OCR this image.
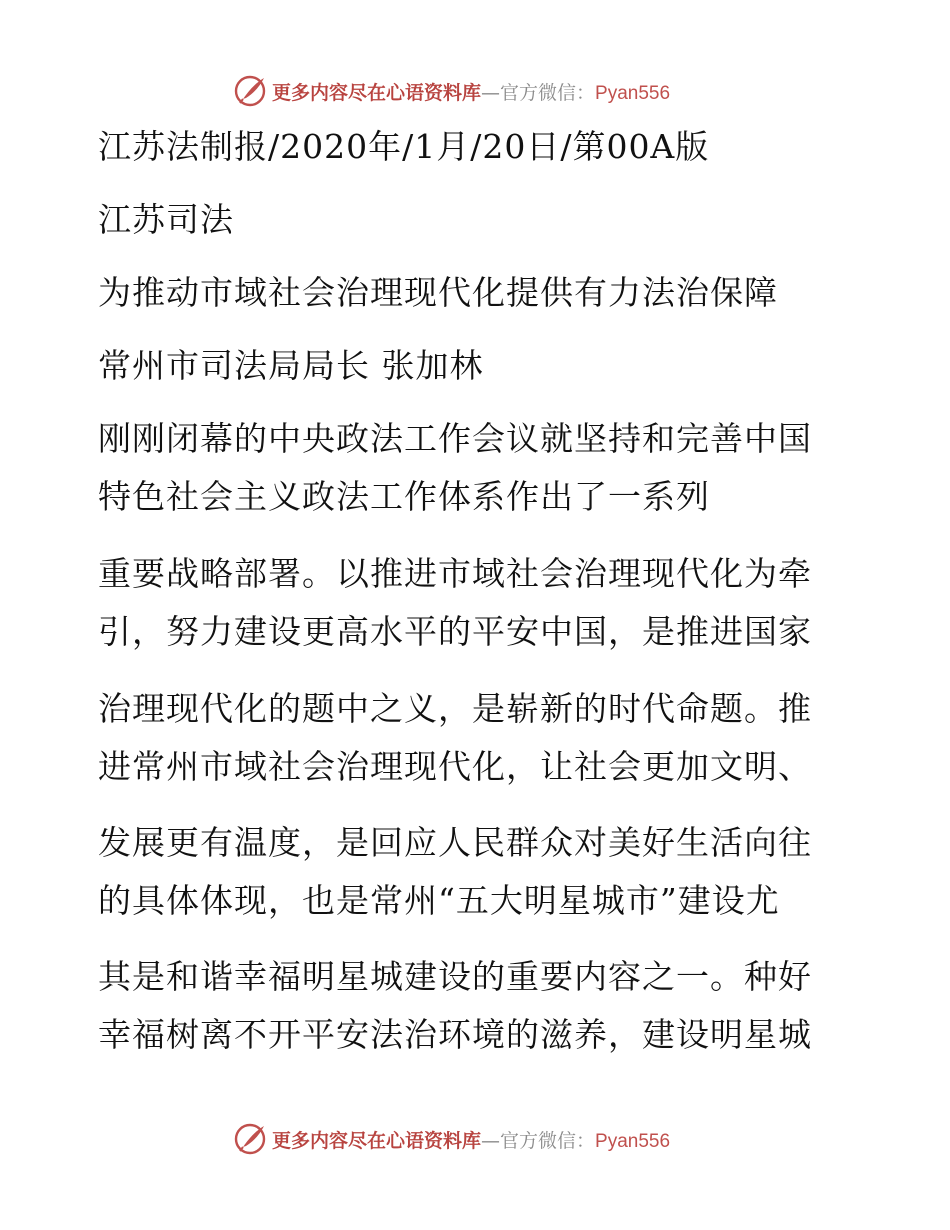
更多内容尽在心语资料库—官方微信：Pyan556
江苏法制报/2020年/1月/20日/第00A版
江苏司法
为推动市域社会治理现代化提供有力法治保障
常州市司法局局长 张加林
刚刚闭幕的中央政法工作会议就坚持和完善中国
特色社会主义政法工作体系作出了一系列
重要战略部署。以推进市域社会治理现代化为牵
引，努力建设更高水平的平安中国，是推进国家
治理现代化的题中之义，是崭新的时代命题。推
进常州市域社会治理现代化，让社会更加文明、
发展更有温度，是回应人民群众对美好生活向往
的具体体现，也是常州“五大明星城市”建设尤
其是和谐幸福明星城建设的重要内容之一。种好
幸福树离不开平安法治环境的滋养，建设明星城
更多内容尽在心语资料库—官方微信：Pyan556
